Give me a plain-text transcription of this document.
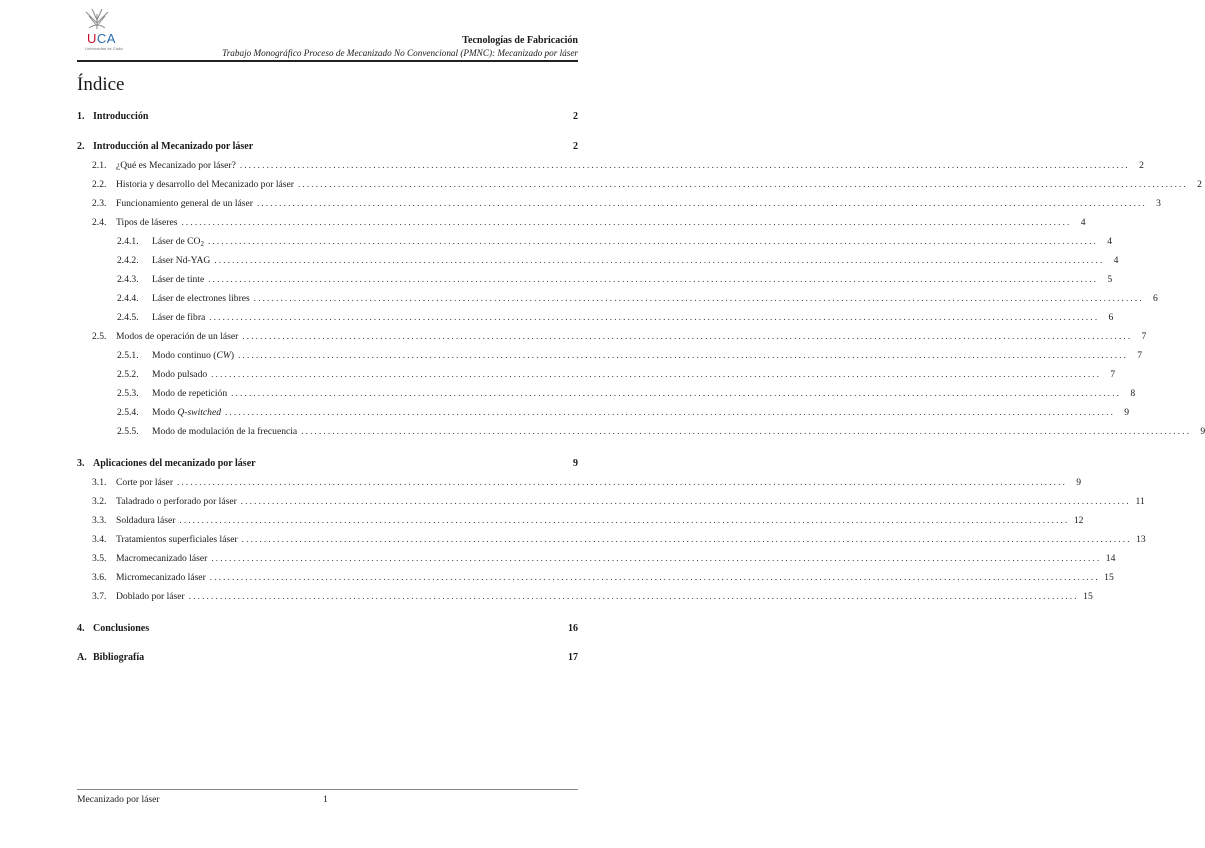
UCA
Universidad de Cádiz
Tecnologías de Fabricación
Trabajo Monográfico Proceso de Mecanizado No Convencional (PMNC): Mecanizado por láser
Índice
1. Introducción	2
2. Introducción al Mecanizado por láser	2
2.1.	¿Qué es Mecanizado por láser? ........................................................................................................................................................................................................ 2
2.2.	Historia y desarrollo del Mecanizado por láser ........................................................................................................................................................................................................ 2
2.3.	Funcionamiento general de un láser ........................................................................................................................................................................................................ 3
2.4.	Tipos de láseres ........................................................................................................................................................................................................ 4
2.4.1.	Láser de $CO_2$ ........................................................................................................................................................................................................ 4
2.4.2.	Láser Nd-YAG ........................................................................................................................................................................................................ 4
2.4.3.	Láser de tinte ........................................................................................................................................................................................................ 5
2.4.4.	Láser de electrones libres ........................................................................................................................................................................................................ 6
2.4.5.	Láser de fibra ........................................................................................................................................................................................................ 6
2.5.	Modos de operación de un láser ........................................................................................................................................................................................................ 7
2.5.1.	Modo continuo (CW) ........................................................................................................................................................................................................ 7
2.5.2.	Modo pulsado ........................................................................................................................................................................................................ 7
2.5.3.	Modo de repetición ........................................................................................................................................................................................................ 8
2.5.4.	Modo Q-switched ........................................................................................................................................................................................................ 9
2.5.5.	Modo de modulación de la frecuencia ........................................................................................................................................................................................................ 9
3. Aplicaciones del mecanizado por láser	9
3.1.	Corte por láser ........................................................................................................................................................................................................ 9
3.2.	Taladrado o perforado por láser ........................................................................................................................................................................................................ 11
3.3.	Soldadura láser ........................................................................................................................................................................................................ 12
3.4.	Tratamientos superficiales láser ........................................................................................................................................................................................................ 13
3.5.	Macromecanizado láser ........................................................................................................................................................................................................ 14
3.6.	Micromecanizado láser ........................................................................................................................................................................................................ 15
3.7.	Doblado por láser ........................................................................................................................................................................................................ 15
4. Conclusiones	16
A. Bibliografía	17
Mecanizado por láser	1
